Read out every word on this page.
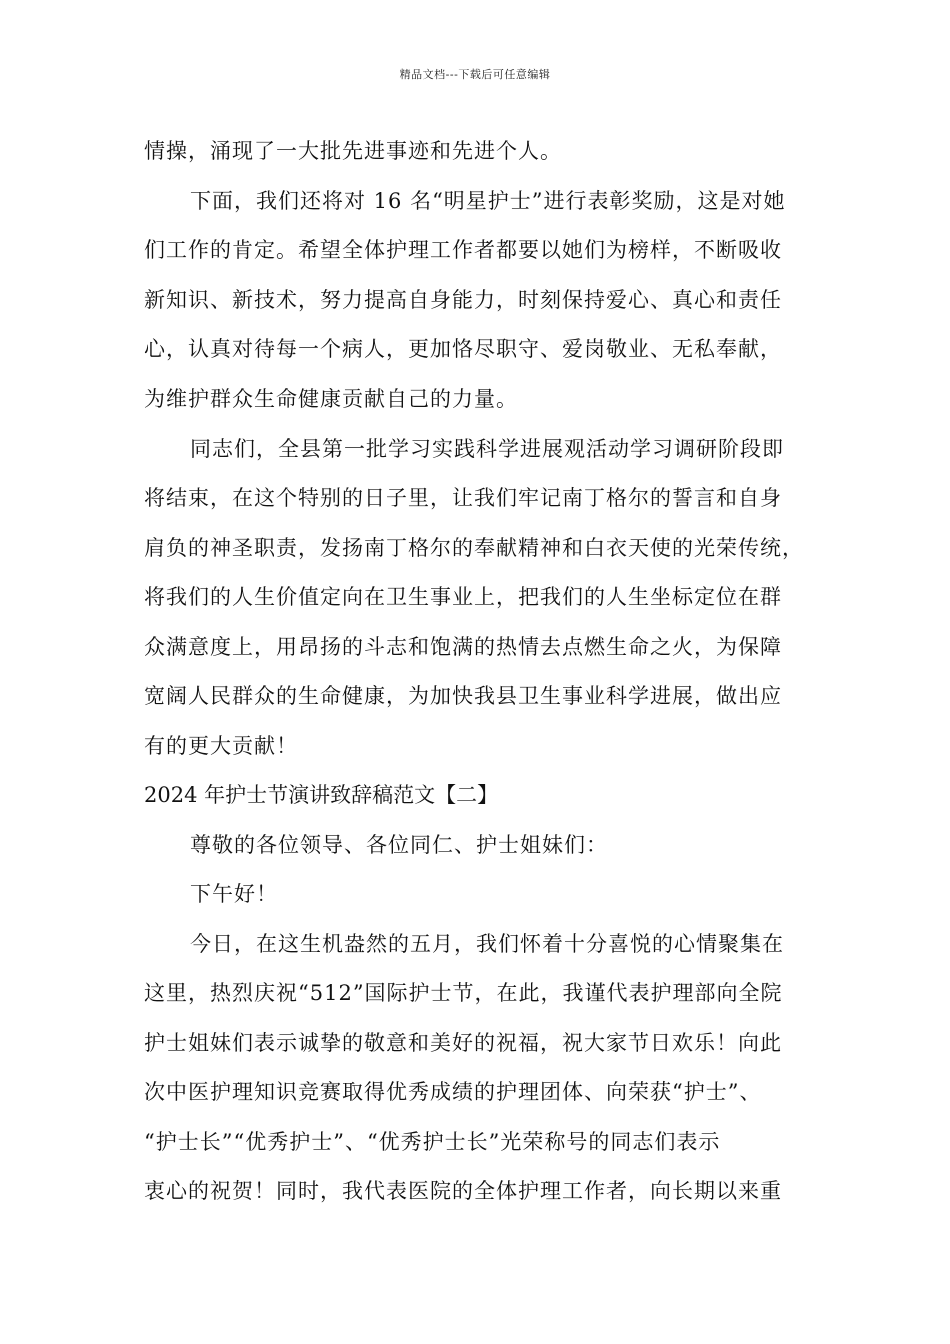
精品文档---下载后可任意编辑
情操，涌现了一大批先进事迹和先进个人。
下面，我们还将对 16 名“明星护士”进行表彰奖励，这是对她
们工作的肯定。希望全体护理工作者都要以她们为榜样，不断吸收
新知识、新技术，努力提高自身能力，时刻保持爱心、真心和责任
心，认真对待每一个病人，更加恪尽职守、爱岗敬业、无私奉献，
为维护群众生命健康贡献自己的力量。
同志们，全县第一批学习实践科学进展观活动学习调研阶段即
将结束，在这个特别的日子里，让我们牢记南丁格尔的誓言和自身
肩负的神圣职责，发扬南丁格尔的奉献精神和白衣天使的光荣传统，
将我们的人生价值定向在卫生事业上，把我们的人生坐标定位在群
众满意度上，用昂扬的斗志和饱满的热情去点燃生命之火，为保障
宽阔人民群众的生命健康，为加快我县卫生事业科学进展，做出应
有的更大贡献！
2024 年护士节演讲致辞稿范文【二】
尊敬的各位领导、各位同仁、护士姐妹们：
下午好！
今日，在这生机盎然的五月，我们怀着十分喜悦的心情聚集在
这里，热烈庆祝“512”国际护士节，在此，我谨代表护理部向全院
护士姐妹们表示诚挚的敬意和美好的祝福，祝大家节日欢乐！向此
次中医护理知识竞赛取得优秀成绩的护理团体、向荣获“护士”、
“护士长”“优秀护士”、“优秀护士长”光荣称号的同志们表示
衷心的祝贺！同时，我代表医院的全体护理工作者，向长期以来重
